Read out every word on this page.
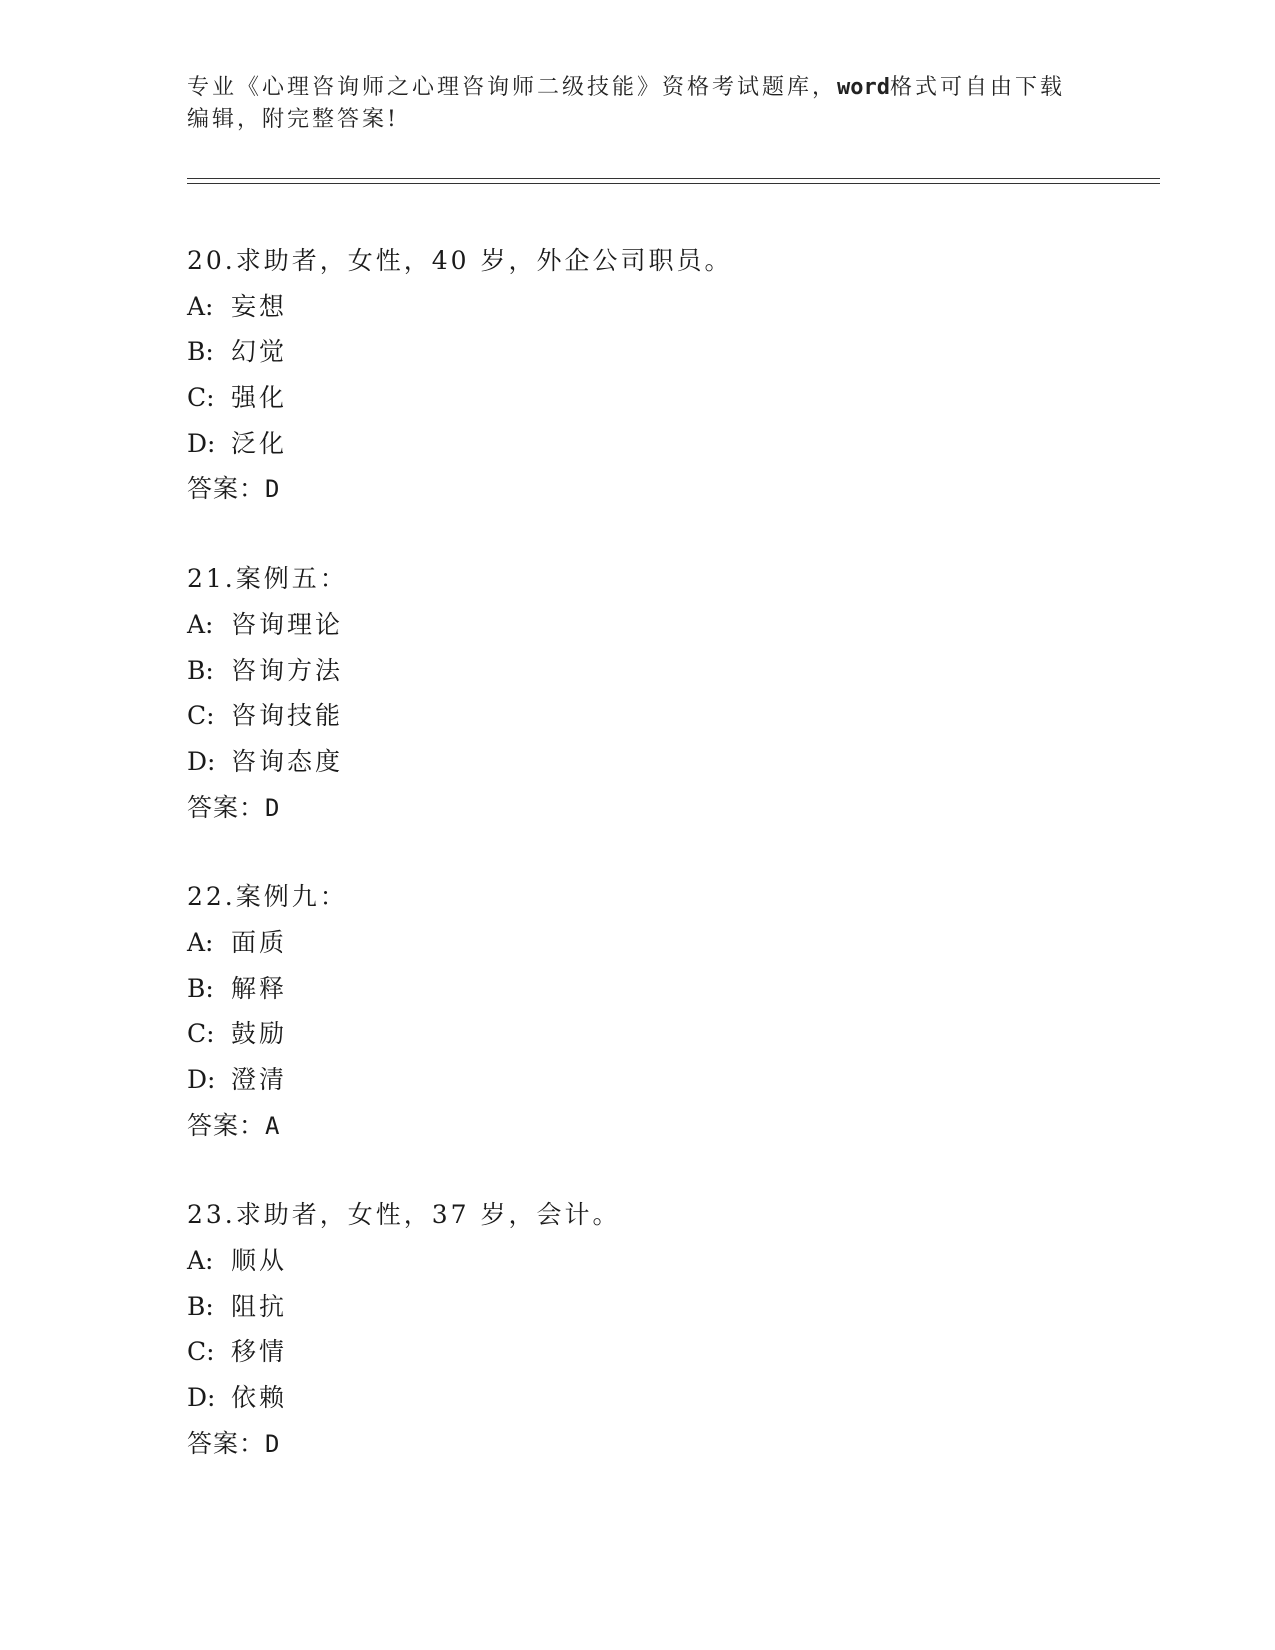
专业《心理咨询师之心理咨询师二级技能》资格考试题库，word格式可自由下载
编辑，附完整答案!
20.求助者，女性，40 岁，外企公司职员。
A: 妄想
B: 幻觉
C: 强化
D: 泛化
答案：D
21.案例五：
A: 咨询理论
B: 咨询方法
C: 咨询技能
D: 咨询态度
答案：D
22.案例九：
A: 面质
B: 解释
C: 鼓励
D: 澄清
答案：A
23.求助者，女性，37 岁，会计。
A: 顺从
B: 阻抗
C: 移情
D: 依赖
答案：D
